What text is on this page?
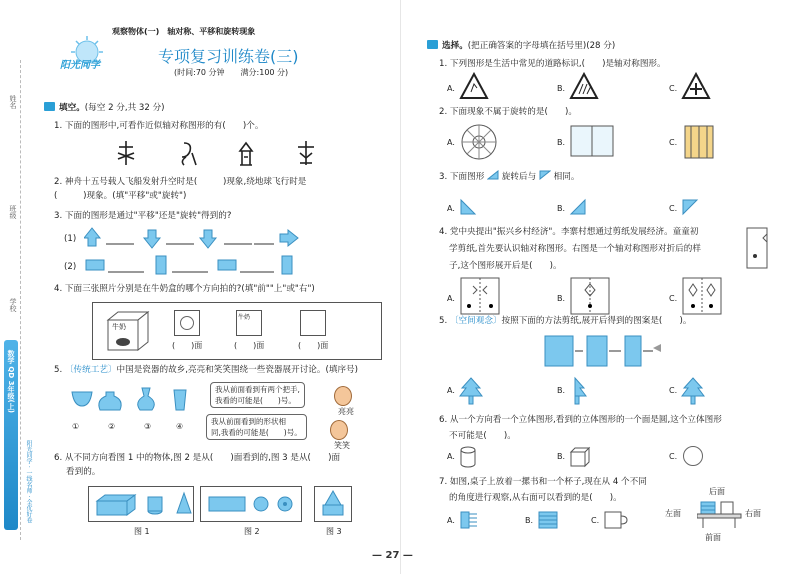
姓名
班级
学校
数学 QD 3年级(上)
阳光同学 · 一线名师 · 全优好卷
观察物体(一)　轴对称、平移和旋转现象
阳光同学	专项复习训练卷(三)
(时间:70 分钟　　满分:100 分)
填空。(每空 2 分,共 32 分)
1. 下面的图形中,可看作近似轴对称图形的有(　　)个。
2. 神舟十五号载人飞船发射升空时是(　　　)现象,绕地球飞行时是
(　　　)现象。(填"平移"或"旋转")
3. 下面的图形是通过"平移"还是"旋转"得到的?
(1)
(2)
4. 下面三张照片分别是在牛奶盒的哪个方向拍的?(填"前""上"或"右")
牛奶
牛奶
(　　)面	(　　)面	(　　)面
5. 〔传统工艺〕中国是瓷器的故乡,亮亮和笑笑围绕一些瓷器展开讨论。(填序号)
①	②	③	④
我从前面看到有两个把手,
我看的可能是(　　)号。
我从前面看到的形状相
同,我看的可能是(　　)号。
亮亮
笑笑
6. 从不同方向看图 1 中的物体,图 2 是从(　　)面看到的,图 3 是从(　　)面
看到的。
图 1	图 2	图 3
选择。(把正确答案的字母填在括号里)(28 分)
1. 下列图形是生活中常见的道路标识,(　　)是轴对称图形。
A.	B.	C.
2. 下面现象不属于旋转的是(　　)。
A.	B.	C.
3. 下面图形 旋转后与 相同。
A.	B.	C.
4. 党中央提出"振兴乡村经济"。李寨村想通过剪纸发展经济。童童初
学剪纸,首先要认识轴对称图形。右图是一个轴对称图形对折后的样
子,这个图形展开后是(　　)。
A.	B.	C.
5. 〔空间观念〕按照下面的方法剪纸,展开后得到的图案是(　　)。
A.	B.	C.
6. 从一个方向看一个立体图形,看到的立体图形的一个面是圆,这个立体图形
不可能是(　　)。
A.	B.	C.
7. 如图,桌子上放着一摞书和一个杯子,现在从 4 个不同
的角度进行观察,从右面可以看到的是(　　)。
A.	B.	C.
后面
左面	右面
前面
— 27 —
